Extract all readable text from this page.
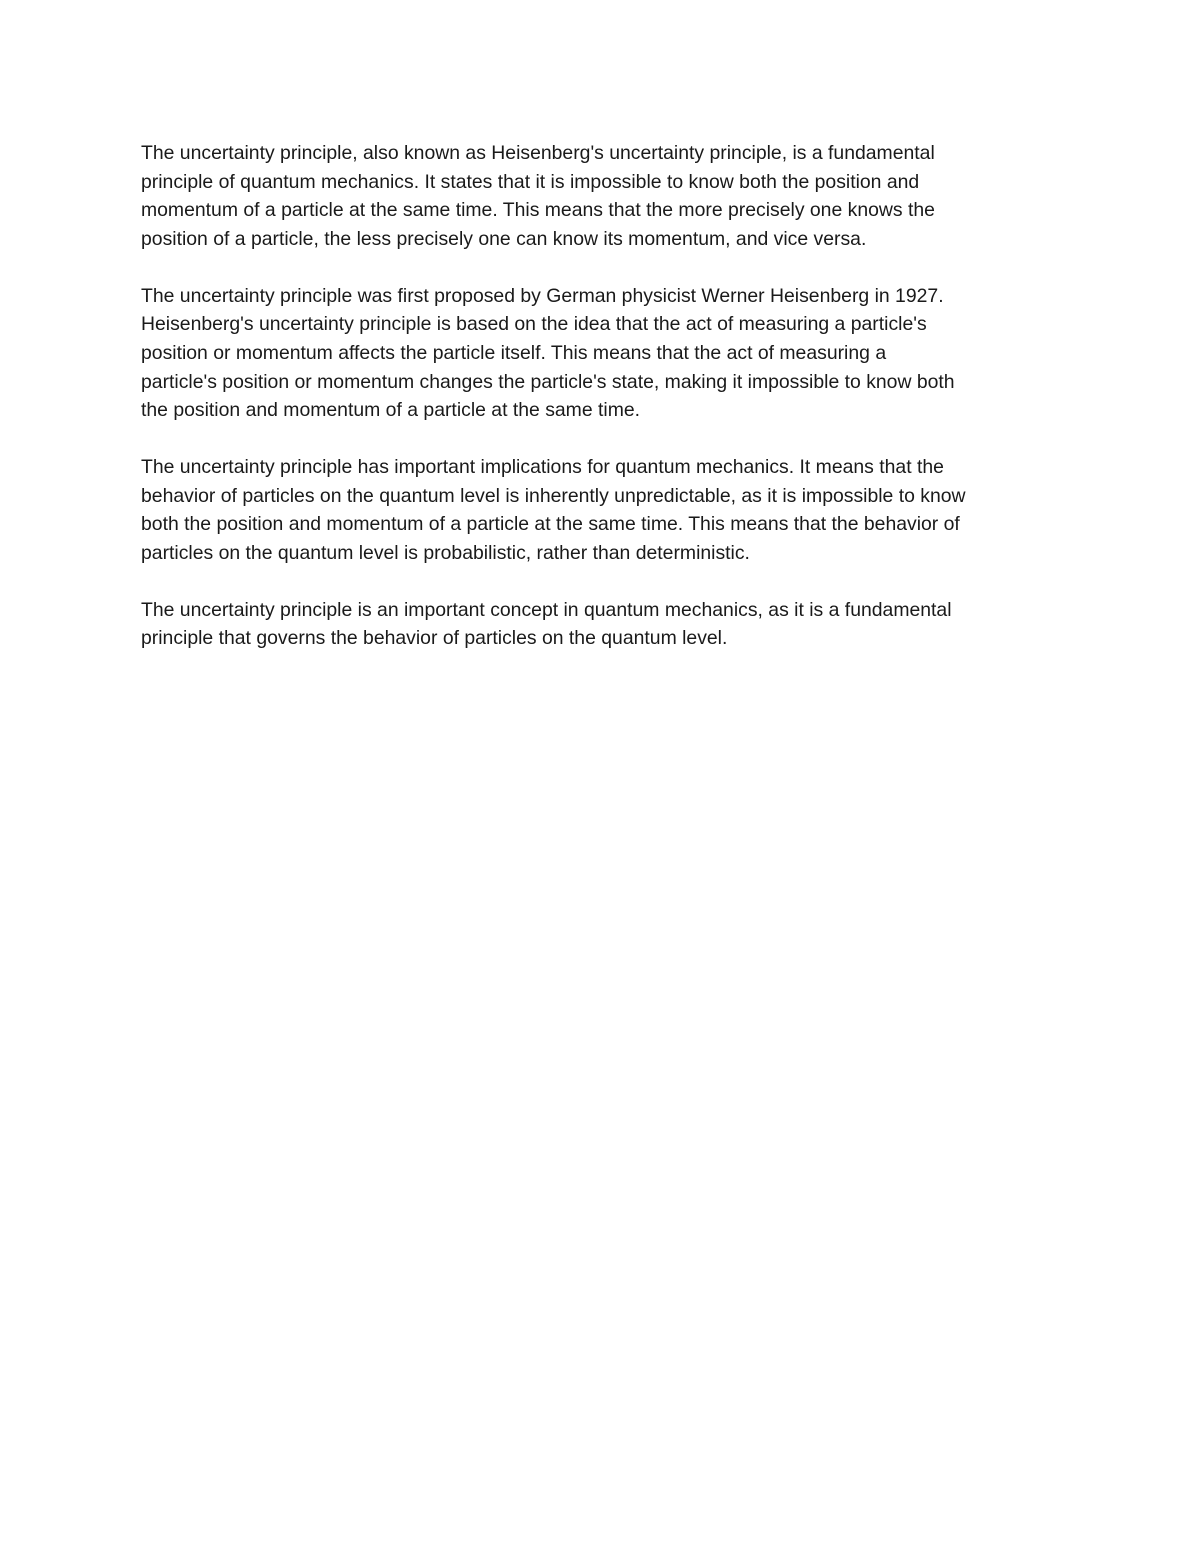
The uncertainty principle, also known as Heisenberg's uncertainty principle, is a fundamental
principle of quantum mechanics. It states that it is impossible to know both the position and
momentum of a particle at the same time. This means that the more precisely one knows the
position of a particle, the less precisely one can know its momentum, and vice versa.

The uncertainty principle was first proposed by German physicist Werner Heisenberg in 1927.
Heisenberg's uncertainty principle is based on the idea that the act of measuring a particle's
position or momentum affects the particle itself. This means that the act of measuring a
particle's position or momentum changes the particle's state, making it impossible to know both
the position and momentum of a particle at the same time.

The uncertainty principle has important implications for quantum mechanics. It means that the
behavior of particles on the quantum level is inherently unpredictable, as it is impossible to know
both the position and momentum of a particle at the same time. This means that the behavior of
particles on the quantum level is probabilistic, rather than deterministic.

The uncertainty principle is an important concept in quantum mechanics, as it is a fundamental
principle that governs the behavior of particles on the quantum level.
